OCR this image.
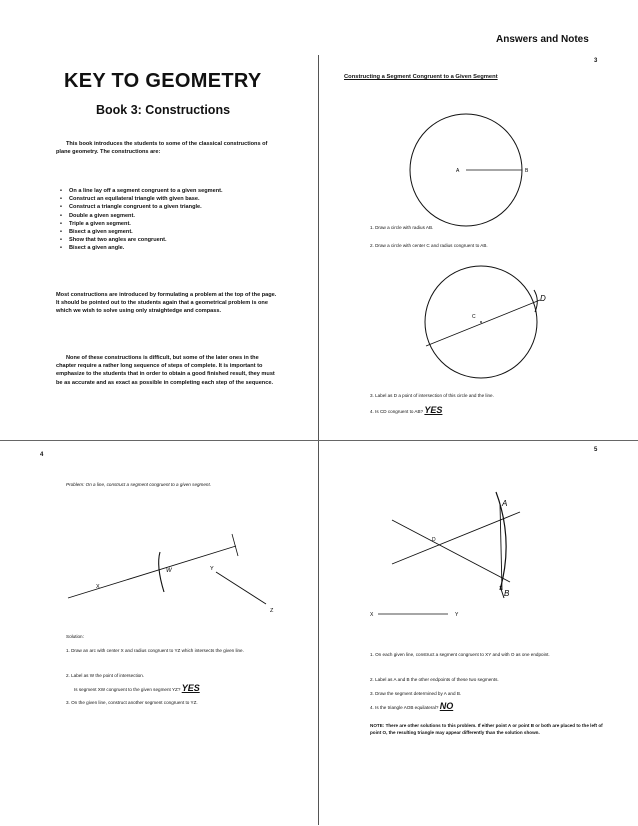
Answers and Notes
3
4
5
KEY TO GEOMETRY
Book 3: Constructions

This book introduces the students to some of the classical constructions of plane geometry. The constructions are:

• On a line lay off a segment congruent to a given segment.
• Construct an equilateral triangle with given base.
• Construct a triangle congruent to a given triangle.
• Double a given segment.
• Triple a given segment.
• Bisect a given segment.
• Show that two angles are congruent.
• Bisect a given angle.

Most constructions are introduced by formulating a problem at the top of the page. It should be pointed out to the students again that a geometrical problem is one which we wish to solve using only straightedge and compass.

None of these constructions is difficult, but some of the later ones in the chapter require a rather long sequence of steps of complete. It is important to emphasize to the students that in order to obtain a good finished result, they must be as accurate and as exact as possible in completing each step of the sequence.

Constructing a Segment Congruent to a Given Segment
A	B
C
D
X
W	Y
Z
D
A
B
X	Y
1. Draw a circle with radius AB.
2. Draw a circle with center C and radius congruent to AB.
3. Label as D a point of intersection of this circle and the line.
4. Is CD congruent to AB? YES
Problem: On a line, construct a segment congruent to a given segment.
Solution:
1. Draw an arc with center X and radius congruent to YZ which intersects the given line.
2. Label as W the point of intersection.
Is segment XW congruent to the given segment YZ? YES
3. On the given line, construct another segment congruent to YZ.
1. On each given line, construct a segment congruent to XY and with O as one endpoint.
2. Label as A and B the other endpoints of these two segments.
3. Draw the segment determined by A and B.
4. Is the triangle AOB equilateral? NO
NOTE: There are other solutions to this problem. If either point A or point B or both are placed to the left of point O, the resulting triangle may appear differently than the solution shown.
